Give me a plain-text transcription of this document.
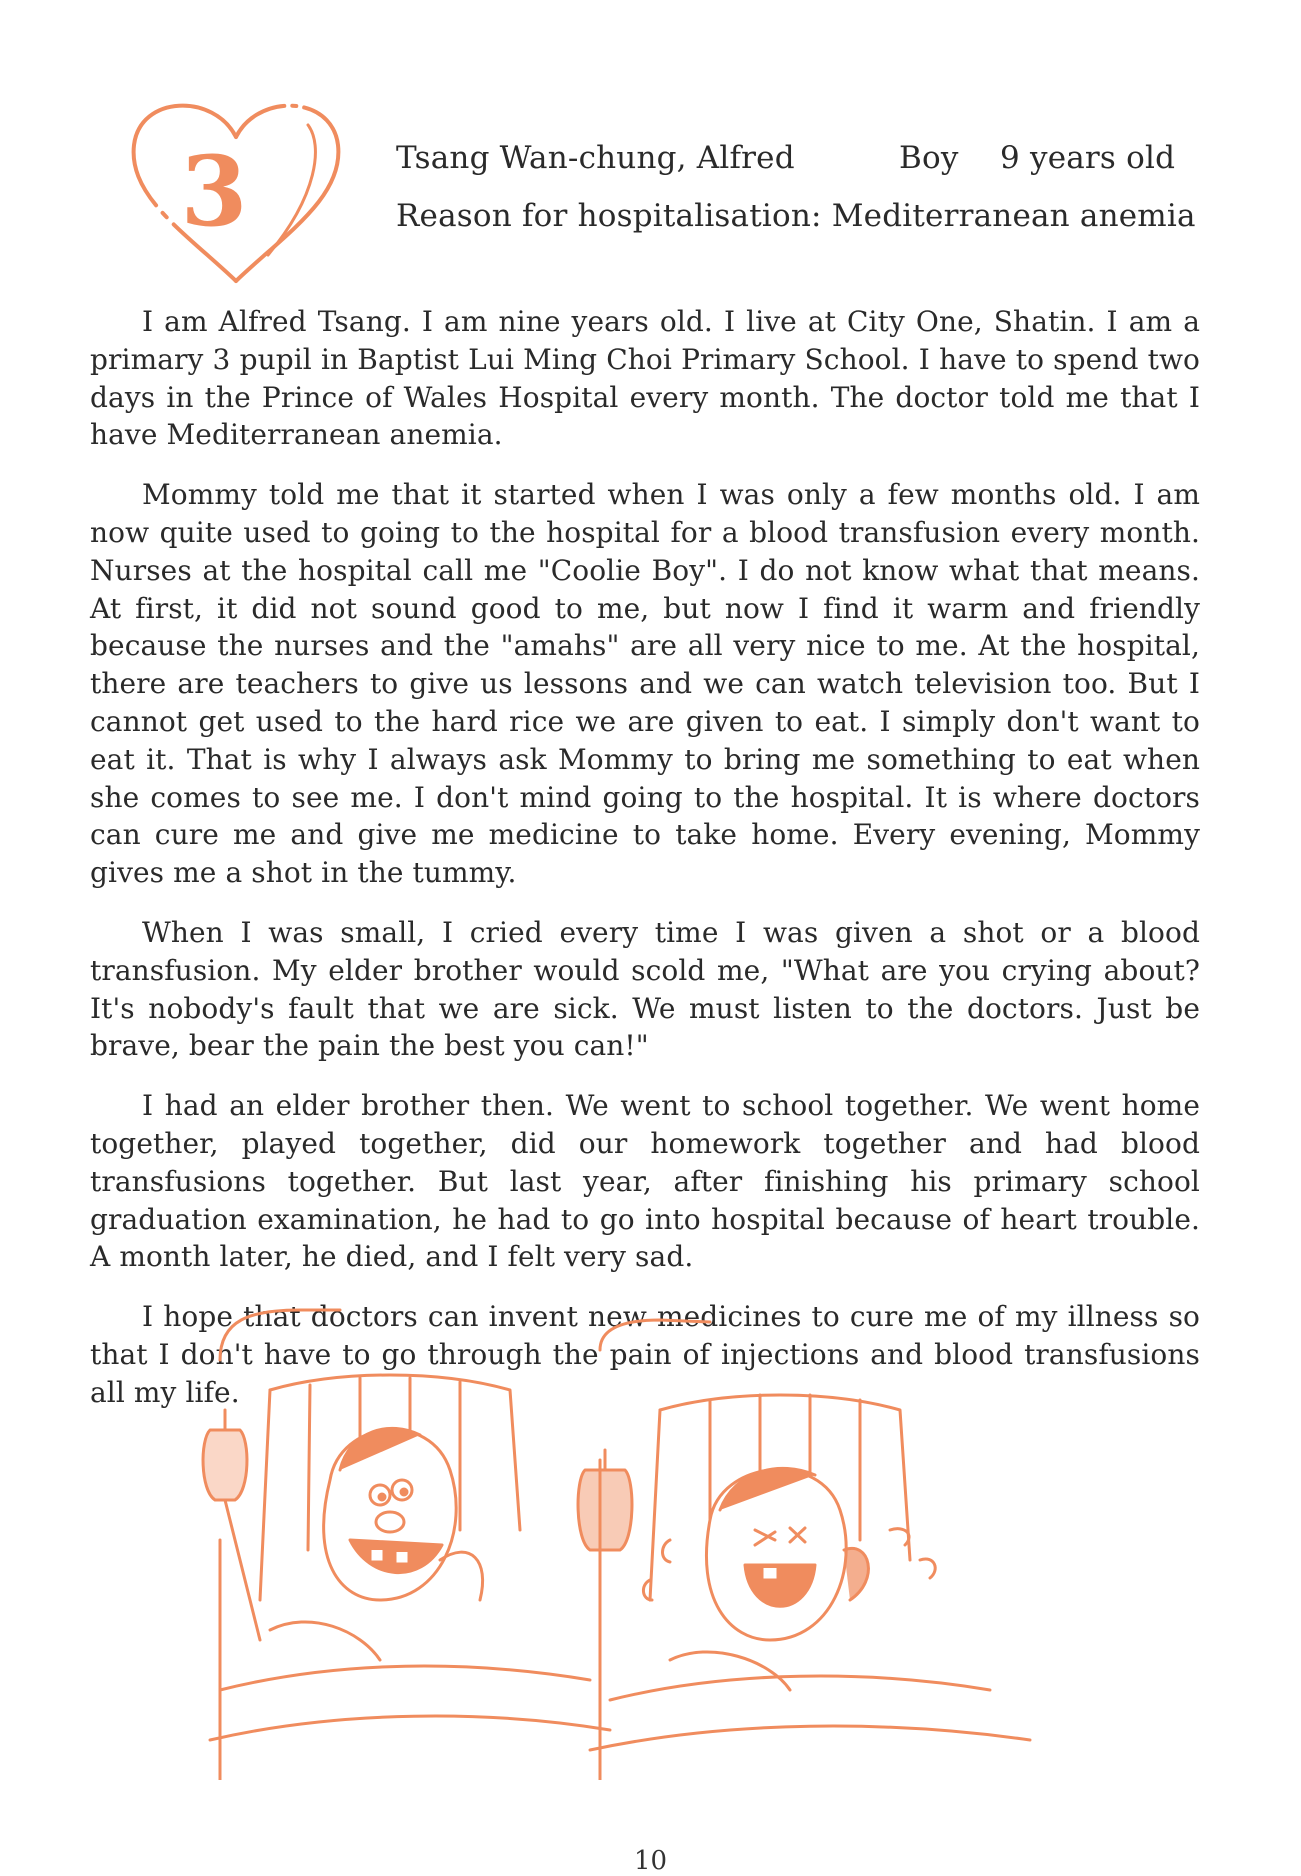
3	Tsang Wan-chung, Alfred	Boy 9 years old
Reason for hospitalisation: Mediterranean anemia

I am Alfred Tsang. I am nine years old. I live at City One, Shatin. I am a primary 3 pupil in Baptist Lui Ming Choi Primary School. I have to spend two days in the Prince of Wales Hospital every month. The doctor told me that I have Mediterranean anemia.

Mommy told me that it started when I was only a few months old. I am now quite used to going to the hospital for a blood transfusion every month. Nurses at the hospital call me "Coolie Boy". I do not know what that means. At first, it did not sound good to me, but now I find it warm and friendly because the nurses and the "amahs" are all very nice to me. At the hospital, there are teachers to give us lessons and we can watch television too. But I cannot get used to the hard rice we are given to eat. I simply don't want to eat it. That is why I always ask Mommy to bring me something to eat when she comes to see me. I don't mind going to the hospital. It is where doctors can cure me and give me medicine to take home. Every evening, Mommy gives me a shot in the tummy.

When I was small, I cried every time I was given a shot or a blood transfusion. My elder brother would scold me, "What are you crying about? It's nobody's fault that we are sick. We must listen to the doctors. Just be brave, bear the pain the best you can!"

I had an elder brother then. We went to school together. We went home together, played together, did our homework together and had blood transfusions together. But last year, after finishing his primary school graduation examination, he had to go into hospital because of heart trouble. A month later, he died, and I felt very sad.

I hope that doctors can invent new medicines to cure me of my illness so that I don't have to go through the pain of injections and blood transfusions all my life.

10
